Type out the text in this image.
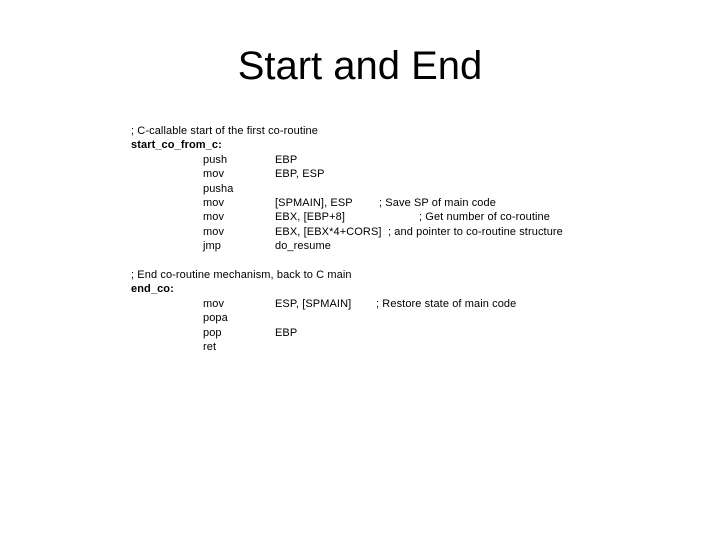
Start and End
; C-callable start of the first co-routine
start_co_from_c:
push	EBP
mov	EBP, ESP
pusha
mov	[SPMAIN], ESP ; Save SP of main code
mov	EBX, [EBP+8]	; Get number of co-routine
mov	EBX, [EBX*4+CORS] ; and pointer to co-routine structure
jmp	do_resume
; End co-routine mechanism, back to C main
end_co:
mov	ESP, [SPMAIN] ; Restore state of main code
popa
pop	EBP
ret
